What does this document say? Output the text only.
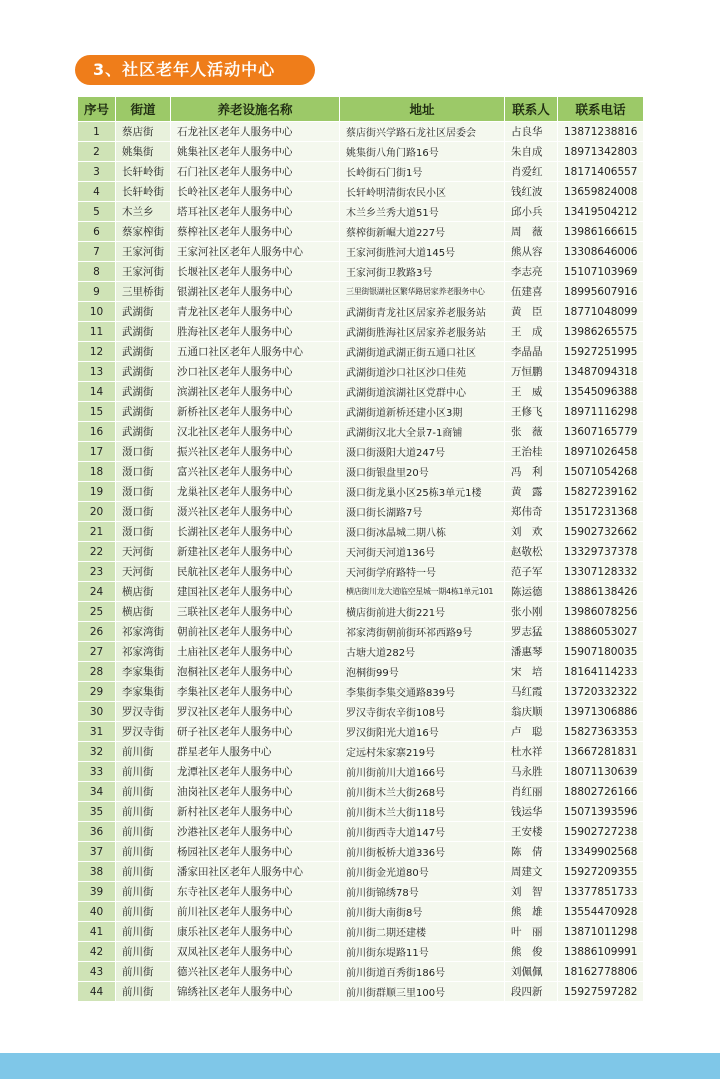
3、社区老年人活动中心
序号	街道	养老设施名称	地址	联系人	联系电话
1	蔡店街	石龙社区老年人服务中心	蔡店街兴学路石龙社区居委会	占良华	13871238816
2	姚集街	姚集社区老年人服务中心	姚集街八角门路16号	朱自成	18971342803
3	长轩岭街	石门社区老年人服务中心	长岭街石门街1号	肖爱红	18171406557
4	长轩岭街	长岭社区老年人服务中心	长轩岭明清街农民小区	钱红波	13659824008
5	木兰乡	塔耳社区老年人服务中心	木兰乡兰秀大道51号	邱小兵	13419504212
6	蔡家榨街	蔡榨社区老年人服务中心	蔡榨街新崛大道227号	周　薇	13986166615
7	王家河街	王家河社区老年人服务中心	王家河街胜河大道145号	熊从容	13308646006
8	王家河街	长堰社区老年人服务中心	王家河街卫教路3号	李志亮	15107103969
9	三里桥街	银湖社区老年人服务中心	三里街银湖社区繁华路居家养老服务中心	伍建喜	18995607916
10	武湖街	青龙社区老年人服务中心	武湖街青龙社区居家养老服务站	黄　臣	18771048099
11	武湖街	胜海社区老年人服务中心	武湖街胜海社区居家养老服务站	王　成	13986265575
12	武湖街	五通口社区老年人服务中心	武湖街道武湖正街五通口社区	李晶晶	15927251995
13	武湖街	沙口社区老年人服务中心	武湖街道沙口社区沙口佳苑	万恒鹏	13487094318
14	武湖街	滨湖社区老年人服务中心	武湖街道滨湖社区党群中心	王　威	13545096388
15	武湖街	新桥社区老年人服务中心	武湖街道新桥还建小区3期	王修飞	18971116298
16	武湖街	汉北社区老年人服务中心	武湖街汉北大全景7-1商铺	张　薇	13607165779
17	滠口街	振兴社区老年人服务中心	滠口街滠阳大道247号	王治桂	18971026458
18	滠口街	富兴社区老年人服务中心	滠口街银盘里20号	冯　利	15071054268
19	滠口街	龙巢社区老年人服务中心	滠口街龙巢小区25栋3单元1楼	黄　露	15827239162
20	滠口街	滠兴社区老年人服务中心	滠口街长湖路7号	郑伟奇	13517231368
21	滠口街	长湖社区老年人服务中心	滠口街冰晶城二期八栋	刘　欢	15902732662
22	天河街	新建社区老年人服务中心	天河街天河道136号	赵敬松	13329737378
23	天河街	民航社区老年人服务中心	天河街学府路特一号	范子军	13307128332
24	横店街	建国社区老年人服务中心	横店街川龙大道临空星城一期4栋1单元101	陈运德	13886138426
25	横店街	三联社区老年人服务中心	横店街前进大街221号	张小刚	13986078256
26	祁家湾街	朝前社区老年人服务中心	祁家湾街朝前街环祁西路9号	罗志猛	13886053027
27	祁家湾街	土庙社区老年人服务中心	古塘大道282号	潘惠琴	15907180035
28	李家集街	泡桐社区老年人服务中心	泡桐街99号	宋　培	18164114233
29	李家集街	李集社区老年人服务中心	李集街李集交通路839号	马红霞	13720332322
30	罗汉寺街	罗汉社区老年人服务中心	罗汉寺街农辛街108号	翁庆顺	13971306886
31	罗汉寺街	研子社区老年人服务中心	罗汉街阳光大道16号	卢　聪	15827363353
32	前川街	群星老年人服务中心	定远村朱家寨219号	杜水祥	13667281831
33	前川街	龙潭社区老年人服务中心	前川街前川大道166号	马永胜	18071130639
34	前川街	油岗社区老年人服务中心	前川街木兰大街268号	肖红丽	18802726166
35	前川街	新村社区老年人服务中心	前川街木兰大街118号	钱运华	15071393596
36	前川街	沙港社区老年人服务中心	前川街西寺大道147号	王安楼	15902727238
37	前川街	杨园社区老年人服务中心	前川街板桥大道336号	陈　倩	13349902568
38	前川街	潘家田社区老年人服务中心	前川街金光道80号	周建文	15927209355
39	前川街	东寺社区老年人服务中心	前川街锦绣78号	刘　智	13377851733
40	前川街	前川社区老年人服务中心	前川街大南街8号	熊　雄	13554470928
41	前川街	康乐社区老年人服务中心	前川街二期还建楼	叶　丽	13871011298
42	前川街	双凤社区老年人服务中心	前川街东堤路11号	熊　俊	13886109991
43	前川街	德兴社区老年人服务中心	前川街道百秀街186号	刘佩佩	18162778806
44	前川街	锦绣社区老年人服务中心	前川街群顺三里100号	段四新	15927597282
